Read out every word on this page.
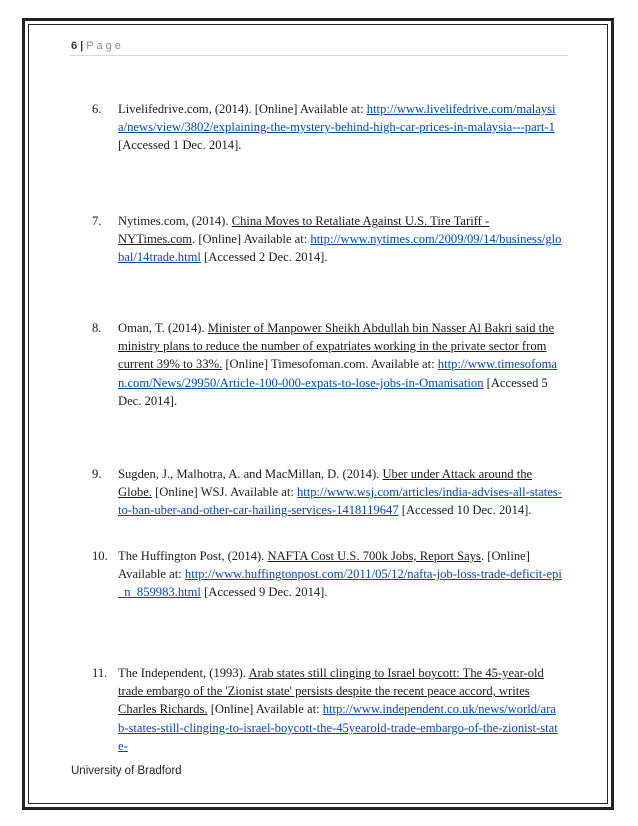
6 | Page
6. Livelifedrive.com, (2014). [Online] Available at: http://www.livelifedrive.com/malaysia/news/view/3802/explaining-the-mystery-behind-high-car-prices-in-malaysia---part-1 [Accessed 1 Dec. 2014].
7. Nytimes.com, (2014). China Moves to Retaliate Against U.S. Tire Tariff - NYTimes.com. [Online] Available at: http://www.nytimes.com/2009/09/14/business/global/14trade.html [Accessed 2 Dec. 2014].
8. Oman, T. (2014). Minister of Manpower Sheikh Abdullah bin Nasser Al Bakri said the ministry plans to reduce the number of expatriates working in the private sector from current 39% to 33%. [Online] Timesofoman.com. Available at: http://www.timesofoman.com/News/29950/Article-100-000-expats-to-lose-jobs-in-Omanisation [Accessed 5 Dec. 2014].
9. Sugden, J., Malhotra, A. and MacMillan, D. (2014). Uber under Attack around the Globe. [Online] WSJ. Available at: http://www.wsj.com/articles/india-advises-all-states-to-ban-uber-and-other-car-hailing-services-1418119647 [Accessed 10 Dec. 2014].
10. The Huffington Post, (2014). NAFTA Cost U.S. 700k Jobs, Report Says. [Online] Available at: http://www.huffingtonpost.com/2011/05/12/nafta-job-loss-trade-deficit-epi_n_859983.html [Accessed 9 Dec. 2014].
11. The Independent, (1993). Arab states still clinging to Israel boycott: The 45-year-old trade embargo of the 'Zionist state' persists despite the recent peace accord, writes Charles Richards. [Online] Available at: http://www.independent.co.uk/news/world/arab-states-still-clinging-to-israel-boycott-the-45yearold-trade-embargo-of-the-zionist-state-
University of Bradford
